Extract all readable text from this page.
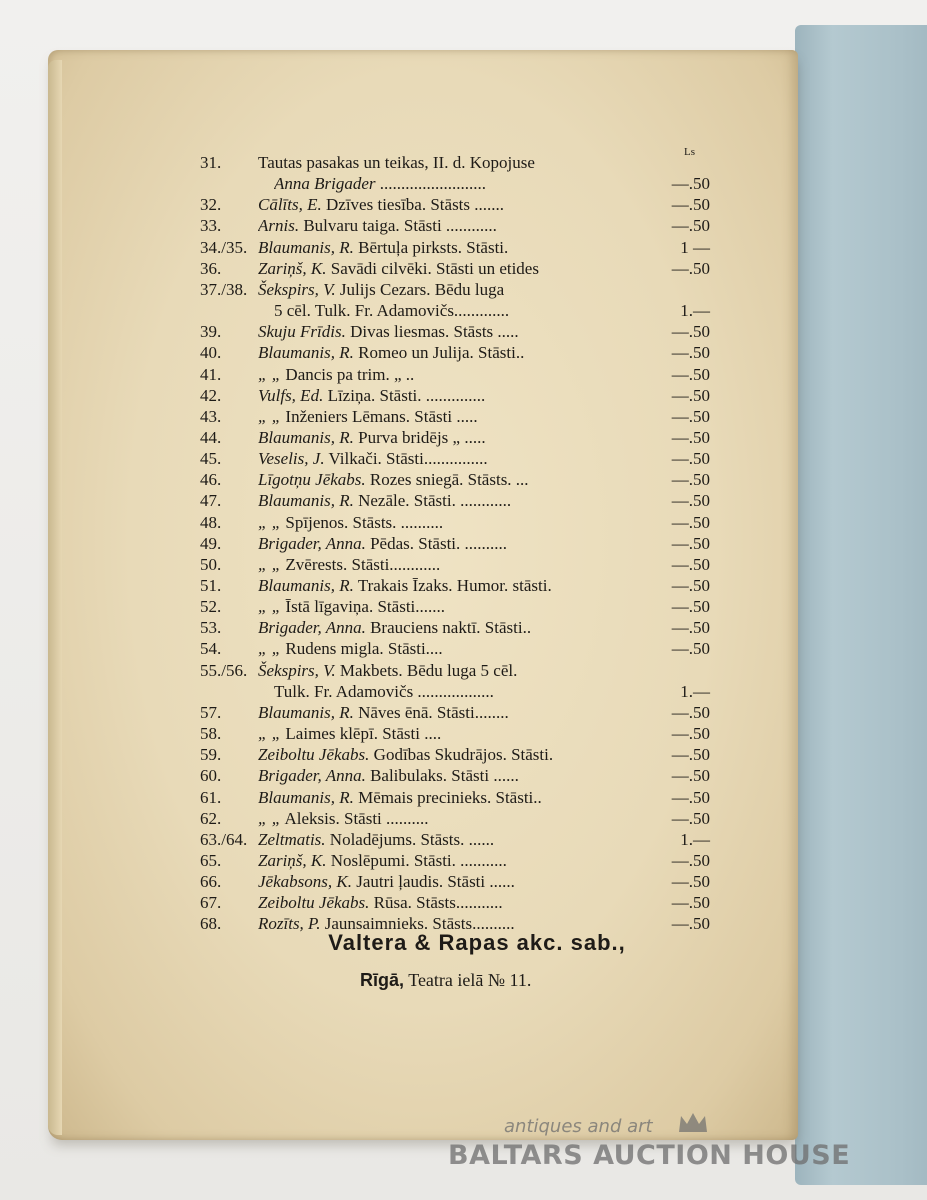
Ls
31. Tautas pasakas un teikas, II. d. Kopojuse
Anna Brigader .........................	—.50
32. Cālīts, E. Dzīves tiesība. Stāsts .......	—.50
33. Arnis. Bulvaru taiga. Stāsti ............	—.50
34./35. Blaumanis, R. Bērtuļa pirksts. Stāsti.	1 —
36. Zariņš, K. Savādi cilvēki. Stāsti un etides	—.50
37./38. Šekspirs, V. Julijs Cezars. Bēdu luga
5 cēl. Tulk. Fr. Adamovičs.............	1.—
39. Skuju Frīdis. Divas liesmas. Stāsts .....	—.50
40. Blaumanis, R. Romeo un Julija. Stāsti..	—.50
41. „ „ Dancis pa trim. „ ..	—.50
42. Vulfs, Ed. Līziņa. Stāsti. ..............	—.50
43. „ „ Inženiers Lēmans. Stāsti .....	—.50
44. Blaumanis, R. Purva bridējs „ .....	—.50
45. Veselis, J. Vilkači. Stāsti...............	—.50
46. Līgotņu Jēkabs. Rozes sniegā. Stāsts. ...	—.50
47. Blaumanis, R. Nezāle. Stāsti. ............	—.50
48. „ „ Spījenos. Stāsts. ..........	—.50
49. Brigader, Anna. Pēdas. Stāsti. ..........	—.50
50. „ „ Zvērests. Stāsti............	—.50
51. Blaumanis, R. Trakais Īzaks. Humor. stāsti.	—.50
52. „ „ Īstā līgaviņa. Stāsti.......	—.50
53. Brigader, Anna. Brauciens naktī. Stāsti..	—.50
54. „ „ Rudens migla. Stāsti....	—.50
55./56. Šekspirs, V. Makbets. Bēdu luga 5 cēl.
Tulk. Fr. Adamovičs ..................	1.—
57. Blaumanis, R. Nāves ēnā. Stāsti........	—.50
58. „ „ Laimes klēpī. Stāsti ....	—.50
59. Zeiboltu Jēkabs. Godības Skudrājos. Stāsti.	—.50
60. Brigader, Anna. Balibulaks. Stāsti ......	—.50
61. Blaumanis, R. Mēmais precinieks. Stāsti..	—.50
62. „ „ Aleksis. Stāsti ..........	—.50
63./64. Zeltmatis. Noladējums. Stāsts. ......	1.—
65. Zariņš, K. Noslēpumi. Stāsti. ...........	—.50
66. Jēkabsons, K. Jautri ļaudis. Stāsti ......	—.50
67. Zeiboltu Jēkabs. Rūsa. Stāsts...........	—.50
68. Rozīts, P. Jaunsaimnieks. Stāsts..........	—.50
Valtera & Rapas akc. sab.,
Rīgā, Teatra ielā № 11.
antiques and art
BALTARS AUCTION HOUSE
